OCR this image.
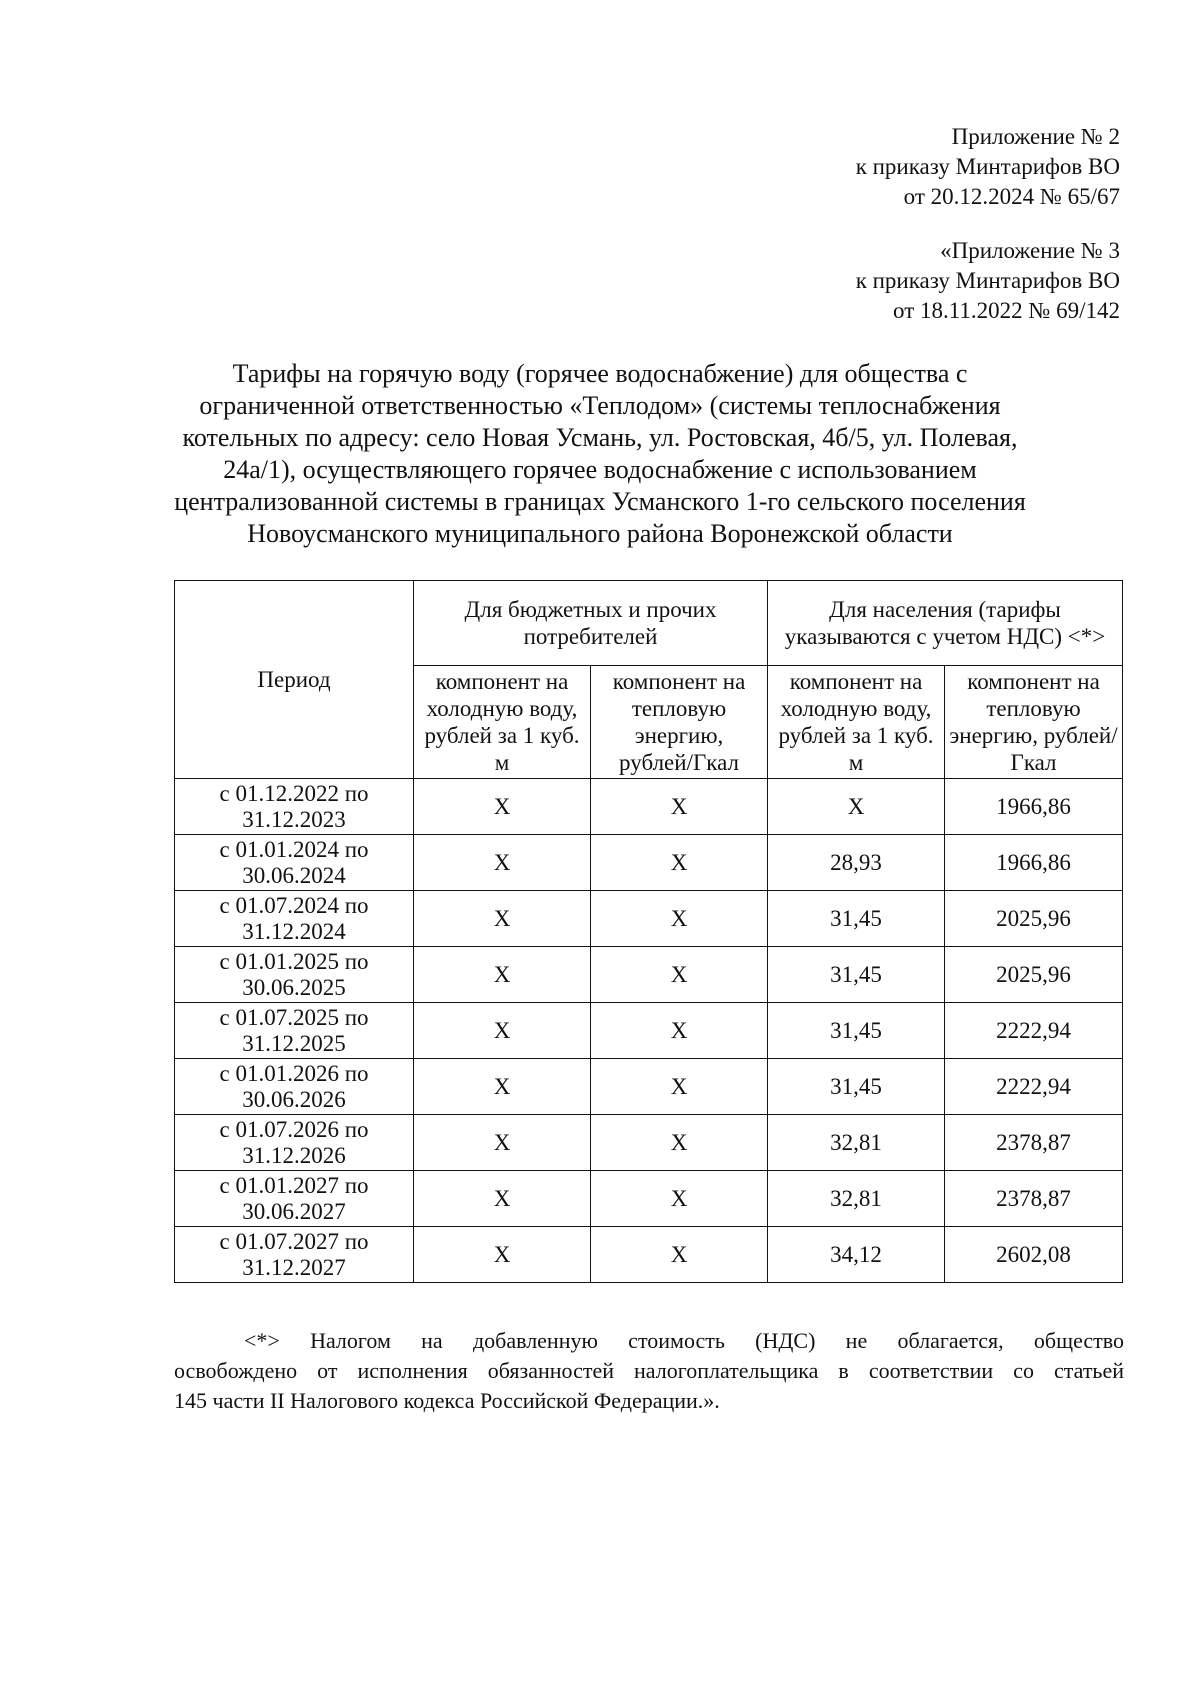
Приложение № 2
к приказу Минтарифов ВО
от 20.12.2024 № 65/67
«Приложение № 3
к приказу Минтарифов ВО
от 18.11.2022 № 69/142
Тарифы на горячую воду (горячее водоснабжение) для общества с
ограниченной ответственностью «Теплодом» (системы теплоснабжения
котельных по адресу: село Новая Усмань, ул. Ростовская, 4б/5, ул. Полевая,
24а/1), осуществляющего горячее водоснабжение с использованием
централизованной системы в границах Усманского 1-го сельского поселения
Новоусманского муниципального района Воронежской области
Период	Для бюджетных и прочих потребителей		Для населения (тарифы указываются с учетом НДС) <*>	
	компонент на холодную воду, рублей за 1 куб. м	компонент на тепловую энергию, рублей/Гкал	компонент на холодную воду, рублей за 1 куб. м	компонент на тепловую энергию, рублей/Гкал

с 01.12.2022 по
31.12.2023	Х	Х	Х	1966,86

с 01.01.2024 по
30.06.2024	Х	Х	28,93	1966,86

с 01.07.2024 по
31.12.2024	Х	Х	31,45	2025,96

с 01.01.2025 по
30.06.2025	Х	Х	31,45	2025,96

с 01.07.2025 по
31.12.2025	Х	Х	31,45	2222,94

с 01.01.2026 по
30.06.2026	Х	Х	31,45	2222,94

с 01.07.2026 по
31.12.2026	Х	Х	32,81	2378,87

с 01.01.2027 по
30.06.2027	Х	Х	32,81	2378,87

с 01.07.2027 по
31.12.2027	Х	Х	34,12	2602,08
<*> Налогом на добавленную стоимость (НДС) не облагается, общество
освобождено от исполнения обязанностей налогоплательщика в соответствии со статьей
145 части II Налогового кодекса Российской Федерации.».
